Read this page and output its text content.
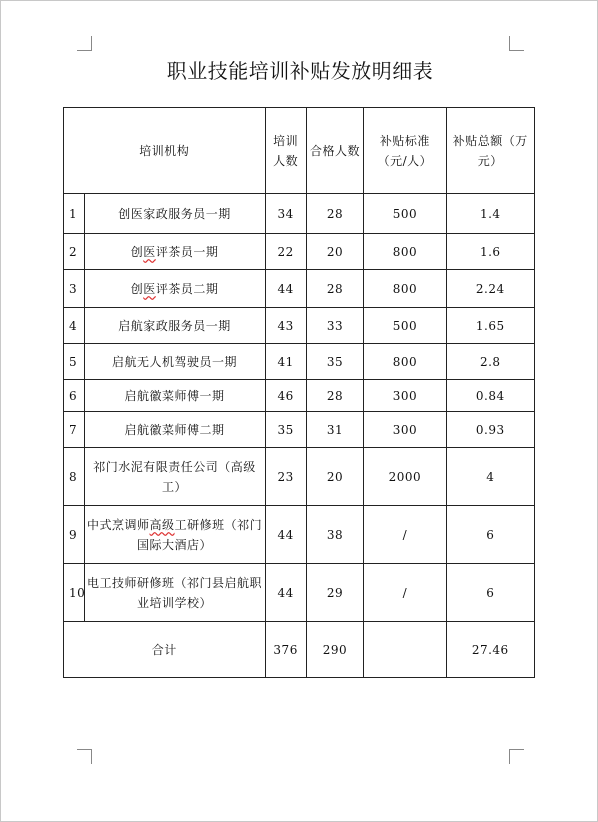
职业技能培训补贴发放明细表
培训机构		培训人数	合格人数	补贴标准（元/人）	补贴总额（万元）
1	创医家政服务员一期	34	28	500	1.4
2	创医评茶员一期	22	20	800	1.6
3	创医评茶员二期	44	28	800	2.24
4	启航家政服务员一期	43	33	500	1.65
5	启航无人机驾驶员一期	41	35	800	2.8
6	启航徽菜师傅一期	46	28	300	0.84
7	启航徽菜师傅二期	35	31	300	0.93
8	祁门水泥有限责任公司（高级工）	23	20	2000	4
9	中式烹调师高级工研修班（祁门国际大酒店）	44	38	/	6
10	电工技师研修班（祁门县启航职业培训学校）	44	29	/	6
合计		376	290		27.46
